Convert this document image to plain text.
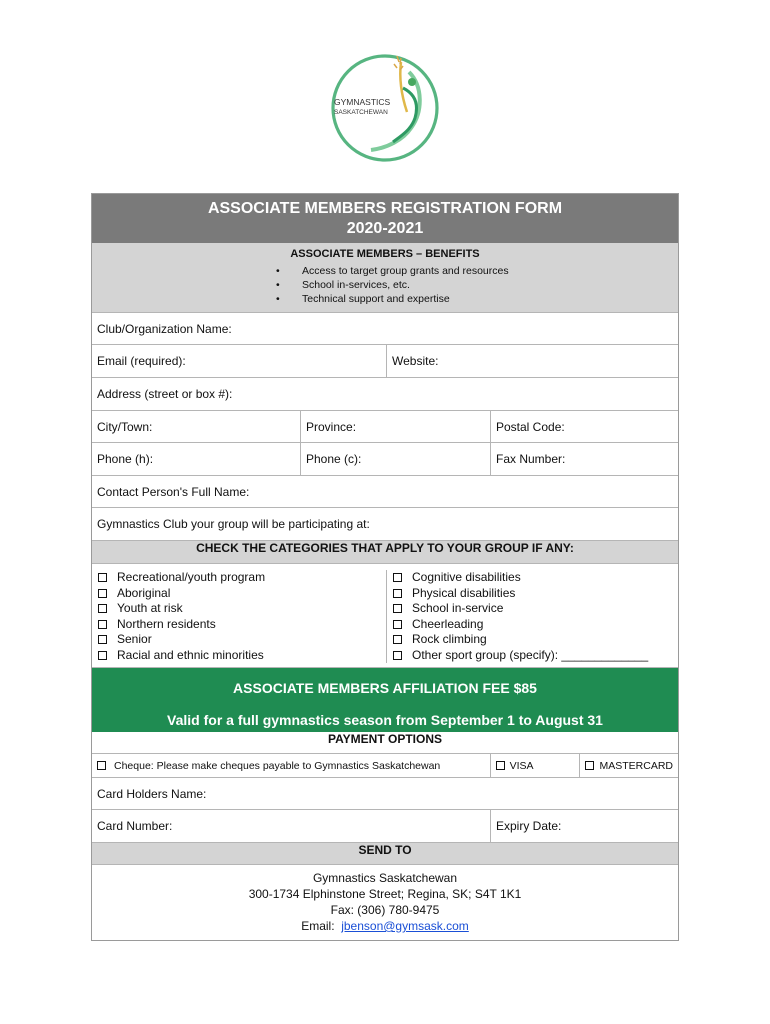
GYMNASTICS
SASKATCHEWAN
ASSOCIATE MEMBERS REGISTRATION FORM
2020-2021
ASSOCIATE MEMBERS – BENEFITS
• Access to target group grants and resources
• School in-services, etc.
• Technical support and expertise
Club/Organization Name:
Email (required):	Website:
Address (street or box #):
City/Town:	Province:	Postal Code:
Phone (h):	Phone (c):	Fax Number:
Contact Person's Full Name:
Gymnastics Club your group will be participating at:
CHECK THE CATEGORIES THAT APPLY TO YOUR GROUP IF ANY:
Recreational/youth program
Aboriginal
Youth at risk
Northern residents
Senior
Racial and ethnic minorities
Cognitive disabilities
Physical disabilities
School in-service
Cheerleading
Rock climbing
Other sport group (specify): _____________
ASSOCIATE MEMBERS AFFILIATION FEE $85
Valid for a full gymnastics season from September 1 to August 31
PAYMENT OPTIONS
Cheque: Please make cheques payable to Gymnastics Saskatchewan	VISA	MASTERCARD
Card Holders Name:
Card Number:	Expiry Date:
SEND TO
Gymnastics Saskatchewan
300-1734 Elphinstone Street; Regina, SK; S4T 1K1
Fax: (306) 780-9475
Email: jbenson@gymsask.com
